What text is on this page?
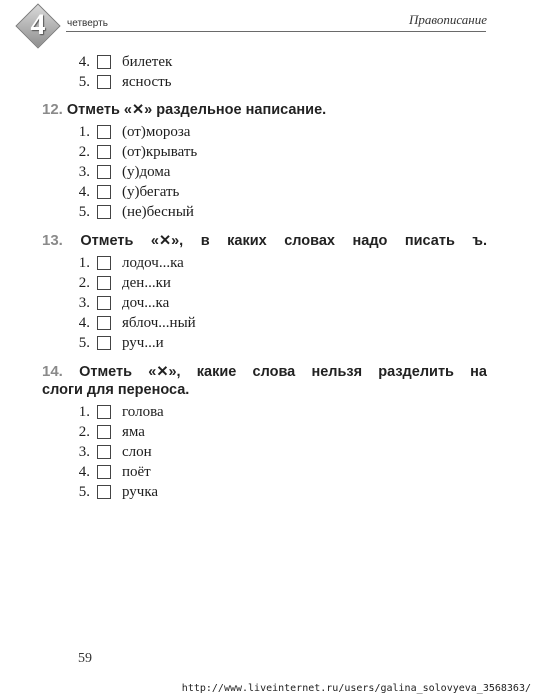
4	четверть	Правописание
4. билетек
5. ясность
12. Отметь «✕» раздельное написание.
1. (от)мороза
2. (от)крывать
3. (у)дома
4. (у)бегать
5. (не)бесный
13. Отметь «✕», в каких словах надо писать ъ.
1. лодоч...ка
2. ден...ки
3. доч...ка
4. яблоч...ный
5. руч...и
14. Отметь «✕», какие слова нельзя разделить на
слоги для переноса.
1. голова
2. яма
3. слон
4. поёт
5. ручка
59
http://www.liveinternet.ru/users/galina_solovyeva_3568363/
